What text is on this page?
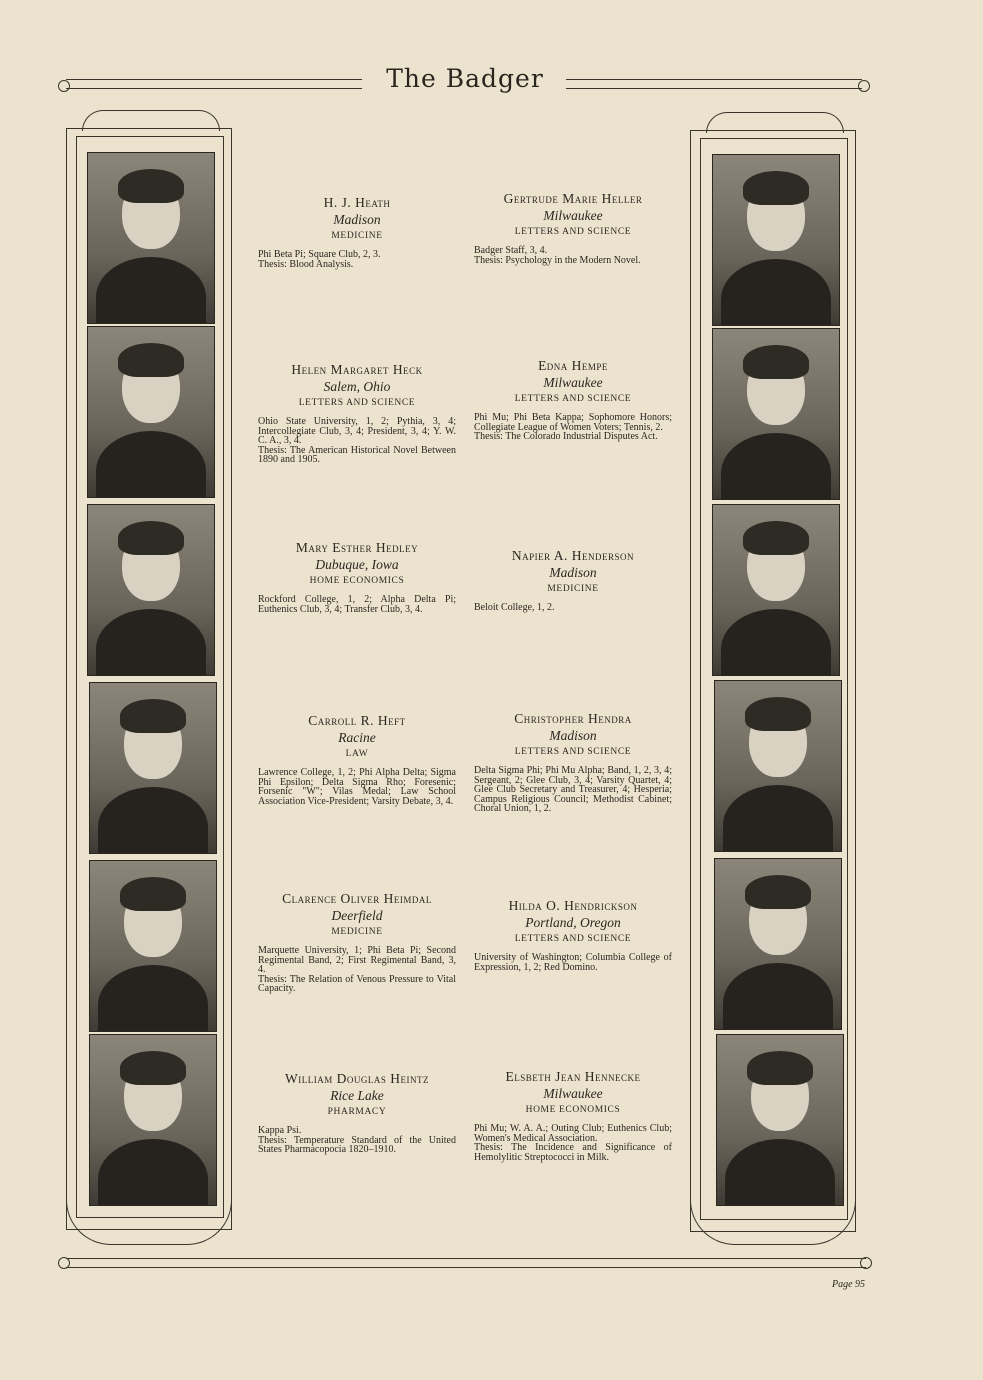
The Badger
H. J. Heath
Madison
MEDICINE
Phi Beta Pi; Square Club, 2, 3.
Thesis: Blood Analysis.
Helen Margaret Heck
Salem, Ohio
LETTERS AND SCIENCE
Ohio State University, 1, 2; Pythia, 3, 4; Intercollegiate Club, 3, 4; President, 3, 4; Y. W. C. A., 3, 4.
Thesis: The American Historical Novel Between 1890 and 1905.
Mary Esther Hedley
Dubuque, Iowa
HOME ECONOMICS
Rockford College, 1, 2; Alpha Delta Pi; Euthenics Club, 3, 4; Transfer Club, 3, 4.
Carroll R. Heft
Racine
LAW
Lawrence College, 1, 2; Phi Alpha Delta; Sigma Phi Epsilon; Delta Sigma Rho; Foresenic; Forsenic "W"; Vilas Medal; Law School Association Vice-President; Varsity Debate, 3, 4.
Clarence Oliver Heimdal
Deerfield
MEDICINE
Marquette University, 1; Phi Beta Pi; Second Regimental Band, 2; First Regimental Band, 3, 4.
Thesis: The Relation of Venous Pressure to Vital Capacity.
William Douglas Heintz
Rice Lake
PHARMACY
Kappa Psi.
Thesis: Temperature Standard of the United States Pharmacopocia 1820–1910.
Gertrude Marie Heller
Milwaukee
LETTERS AND SCIENCE
Badger Staff, 3, 4.
Thesis: Psychology in the Modern Novel.
Edna Hempe
Milwaukee
LETTERS AND SCIENCE
Phi Mu; Phi Beta Kappa; Sophomore Honors; Collegiate League of Women Voters; Tennis, 2.
Thesis: The Colorado Industrial Disputes Act.
Napier A. Henderson
Madison
MEDICINE
Beloit College, 1, 2.
Christopher Hendra
Madison
LETTERS AND SCIENCE
Delta Sigma Phi; Phi Mu Alpha; Band, 1, 2, 3, 4; Sergeant, 2; Glee Club, 3, 4; Varsity Quartet, 4; Glee Club Secretary and Treasurer, 4; Hesperia; Campus Religious Council; Methodist Cabinet; Choral Union, 1, 2.
Hilda O. Hendrickson
Portland, Oregon
LETTERS AND SCIENCE
University of Washington; Columbia College of Expression, 1, 2; Red Domino.
Elsbeth Jean Hennecke
Milwaukee
HOME ECONOMICS
Phi Mu; W. A. A.; Outing Club; Euthenics Club; Women's Medical Association.
Thesis: The Incidence and Significance of Hemolylitic Streptococci in Milk.
Page 95
